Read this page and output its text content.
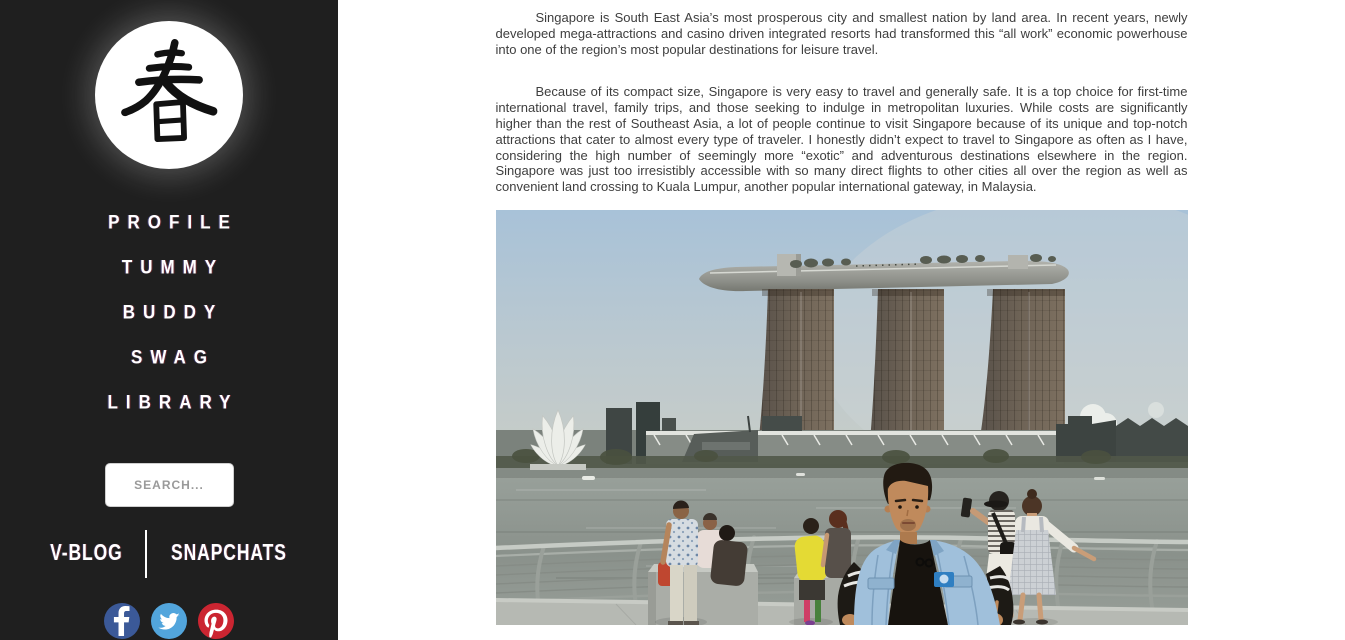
PROFILE
TUMMY
BUDDY
SWAG
LIBRARY
SEARCH...
V-BLOG	SNAPCHATS

Singapore is South East Asia’s most prosperous city and smallest nation by land area. In recent years, newly developed mega-attractions and casino driven integrated resorts had transformed this “all work” economic powerhouse into one of the region’s most popular destinations for leisure travel.

Because of its compact size, Singapore is very easy to travel and generally safe. It is a top choice for first-time international travel, family trips, and those seeking to indulge in metropolitan luxuries. While costs are significantly higher than the rest of Southeast Asia, a lot of people continue to visit Singapore because of its unique and top-notch attractions that cater to almost every type of traveler. I honestly didn’t expect to travel to Singapore as often as I have, considering the high number of seemingly more “exotic” and adventurous destinations elsewhere in the region. Singapore was just too irresistibly accessible with so many direct flights to other cities all over the region as well as convenient land crossing to Kuala Lumpur, another popular international gateway, in Malaysia.
